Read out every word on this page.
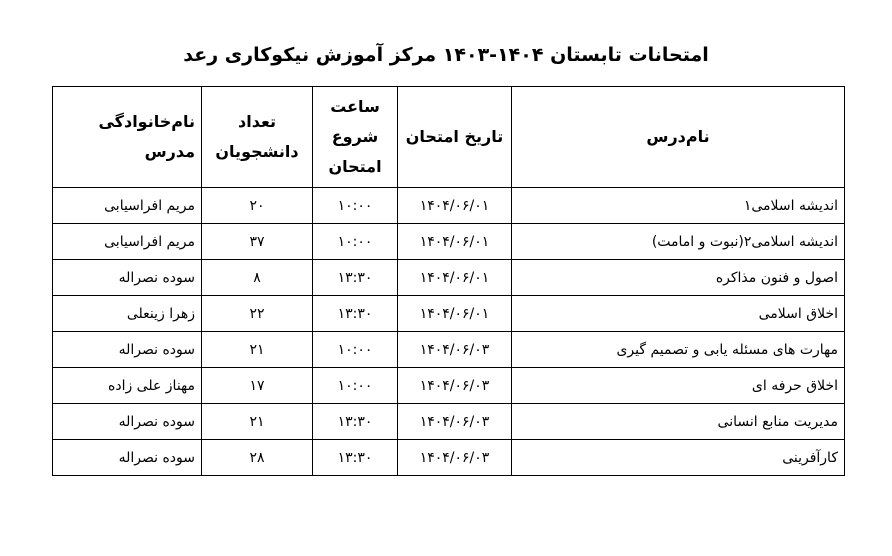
امتحانات تابستان ۱۴۰۴-۱۴۰۳ مرکز آموزش نیکوکاری رعد
نام‌درس	تاریخ امتحان	ساعت شروع امتحان	تعداد دانشجویان	نام‌خانوادگی مدرس
اندیشه اسلامی۱	۱۴۰۴/۰۶/۰۱	۱۰:۰۰	۲۰	مریم افراسیابی
اندیشه اسلامی۲(نبوت و امامت)	۱۴۰۴/۰۶/۰۱	۱۰:۰۰	۳۷	مریم افراسیابی
اصول و فنون مذاکره	۱۴۰۴/۰۶/۰۱	۱۳:۳۰	۸	سوده نصراله
اخلاق اسلامی	۱۴۰۴/۰۶/۰۱	۱۳:۳۰	۲۲	زهرا زینعلی
مهارت های مسئله یابی و تصمیم گیری	۱۴۰۴/۰۶/۰۳	۱۰:۰۰	۲۱	سوده نصراله
اخلاق حرفه ای	۱۴۰۴/۰۶/۰۳	۱۰:۰۰	۱۷	مهناز علی زاده
مدیریت منابع انسانی	۱۴۰۴/۰۶/۰۳	۱۳:۳۰	۲۱	سوده نصراله
کارآفرینی	۱۴۰۴/۰۶/۰۳	۱۳:۳۰	۲۸	سوده نصراله
